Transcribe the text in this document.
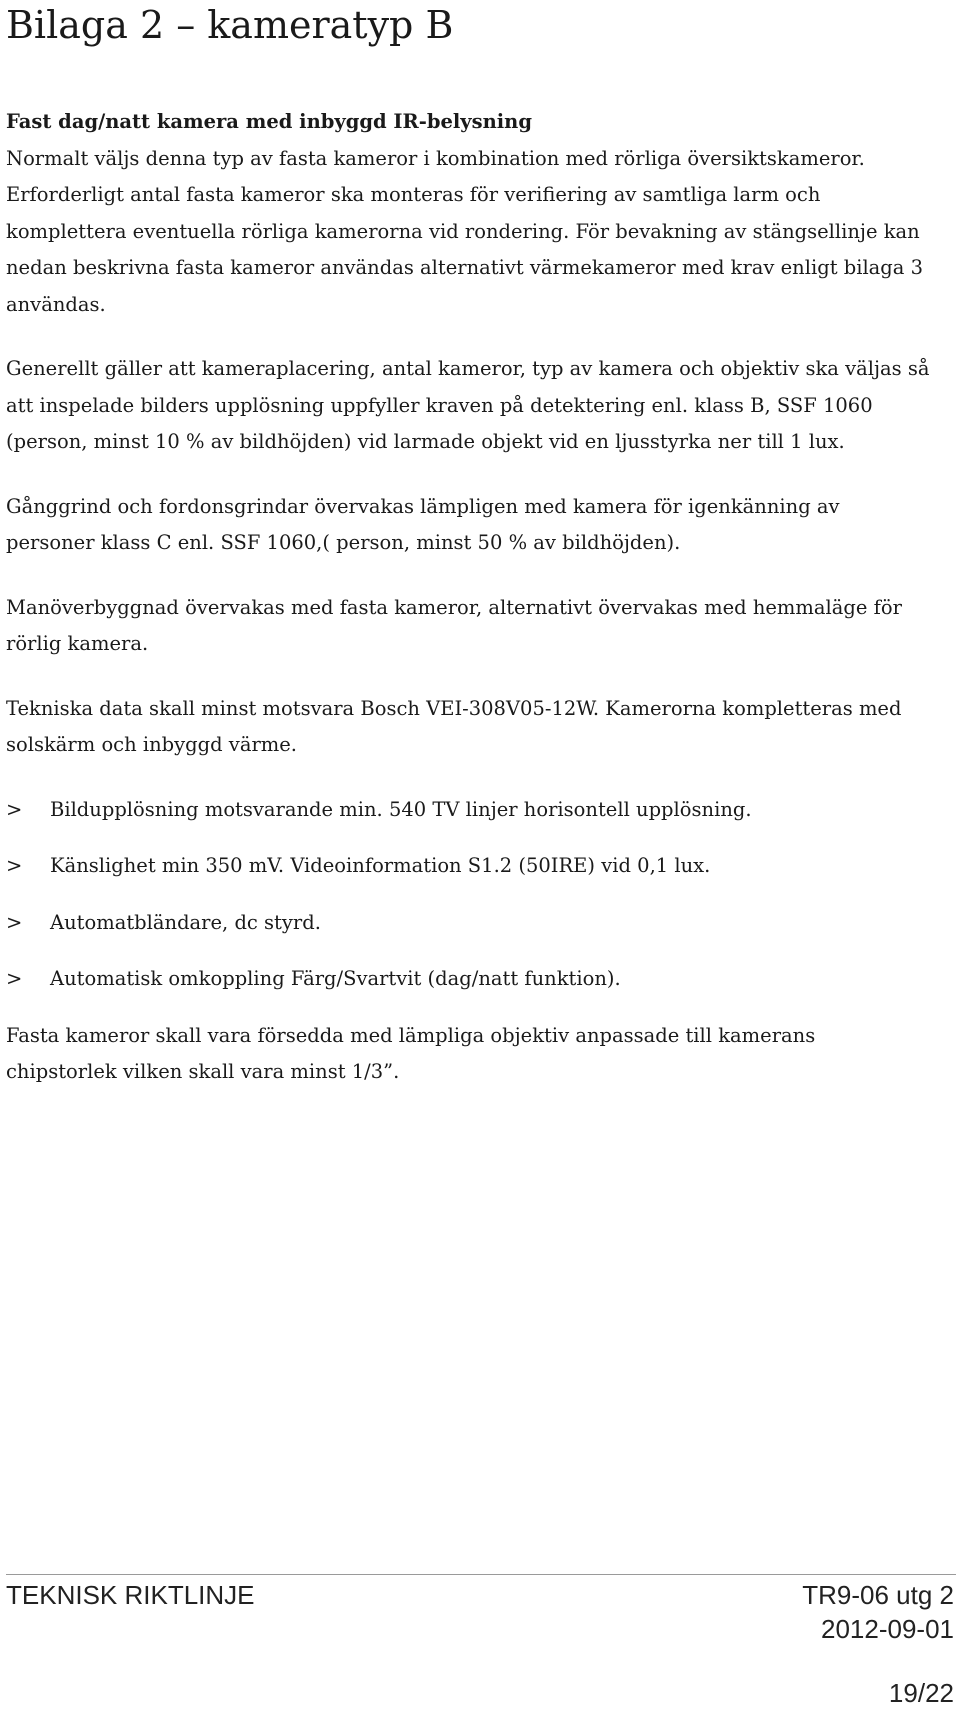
Bilaga 2 – kameratyp B

Fast dag/natt kamera med inbyggd IR-belysning

Normalt väljs denna typ av fasta kameror i kombination med rörliga översiktskameror. Erforderligt antal fasta kameror ska monteras för verifiering av samtliga larm och komplettera eventuella rörliga kamerorna vid rondering. För bevakning av stängsellinje kan nedan beskrivna fasta kameror användas alternativt värmekameror med krav enligt bilaga 3 användas.

Generellt gäller att kameraplacering, antal kameror, typ av kamera och objektiv ska väljas så att inspelade bilders upplösning uppfyller kraven på detektering enl. klass B, SSF 1060 (person, minst 10 % av bildhöjden) vid larmade objekt vid en ljusstyrka ner till 1 lux.

Gånggrind och fordonsgrindar övervakas lämpligen med kamera för igenkänning av personer klass C enl. SSF 1060,( person, minst 50 % av bildhöjden).

Manöverbyggnad övervakas med fasta kameror, alternativt övervakas med hemmaläge för rörlig kamera.

Tekniska data skall minst motsvara Bosch VEI-308V05-12W. Kamerorna kompletteras med solskärm och inbyggd värme.

> Bildupplösning motsvarande min. 540 TV linjer horisontell upplösning.
> Känslighet min 350 mV. Videoinformation S1.2 (50IRE) vid 0,1 lux.
> Automatbländare, dc styrd.
> Automatisk omkoppling Färg/Svartvit (dag/natt funktion).

Fasta kameror skall vara försedda med lämpliga objektiv anpassade till kamerans chipstorlek vilken skall vara minst 1/3”.

TEKNISK RIKTLINJE	TR9-06 utg 2
2012-09-01
19/22
